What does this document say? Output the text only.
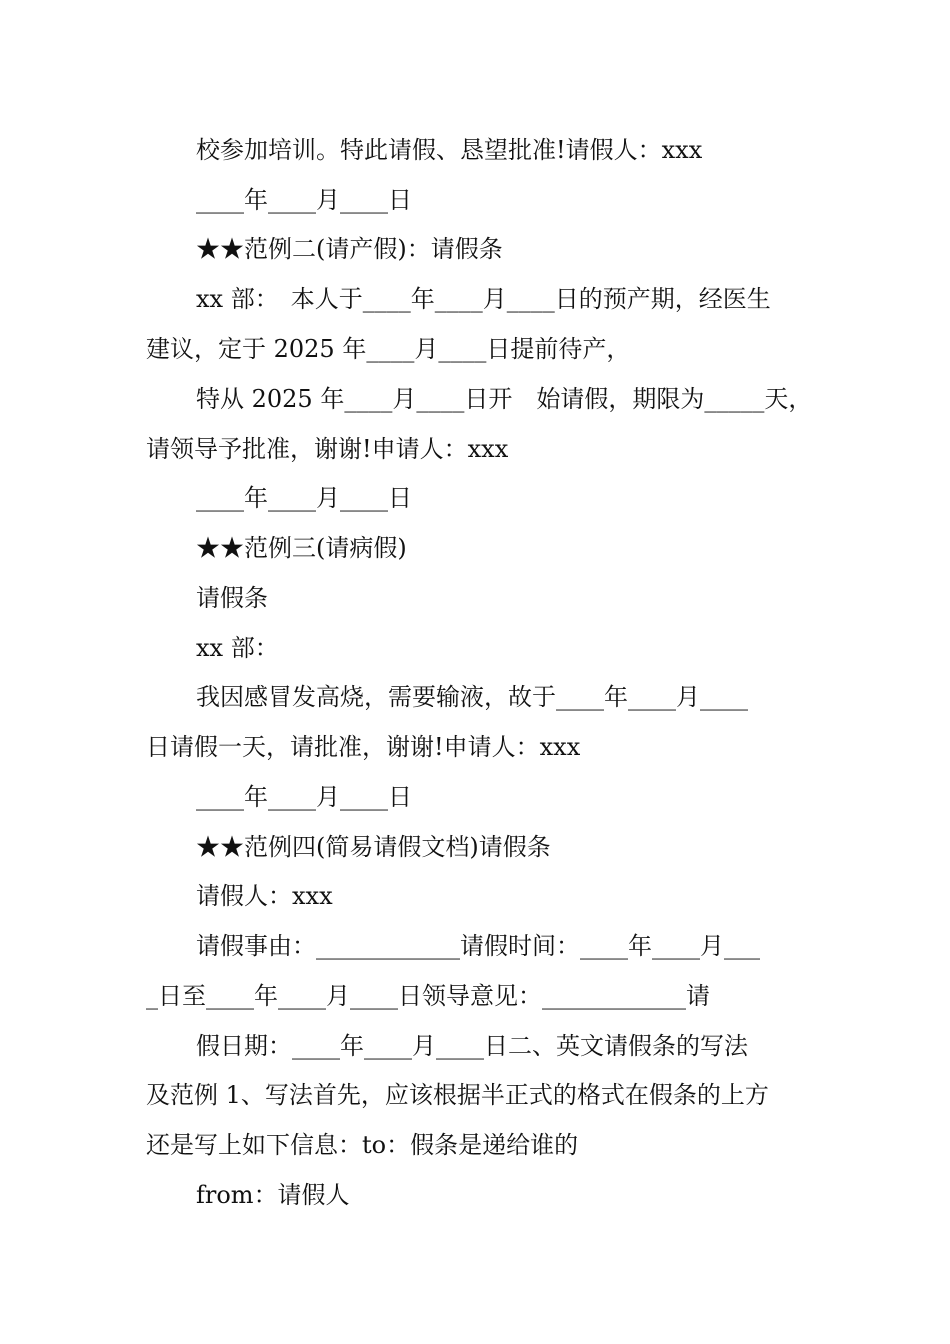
校参加培训。特此请假、恳望批准!请假人：xxx
____年____月____日
★★范例二(请产假)：请假条
xx 部：　本人于____年____月____日的预产期，经医生
建议，定于 2025 年____月____日提前待产，
特从 2025 年____月____日开　始请假，期限为_____天，
请领导予批准，谢谢!申请人：xxx
____年____月____日
★★范例三(请病假)
请假条
xx 部：
我因感冒发高烧，需要输液，故于____年____月____
日请假一天，请批准，谢谢!申请人：xxx
____年____月____日
★★范例四(简易请假文档)请假条
请假人：xxx
请假事由：____________请假时间：____年____月___
_日至____年____月____日领导意见：____________请
假日期：____年____月____日二、英文请假条的写法
及范例 1、写法首先，应该根据半正式的格式在假条的上方
还是写上如下信息：to：假条是递给谁的
from：请假人
